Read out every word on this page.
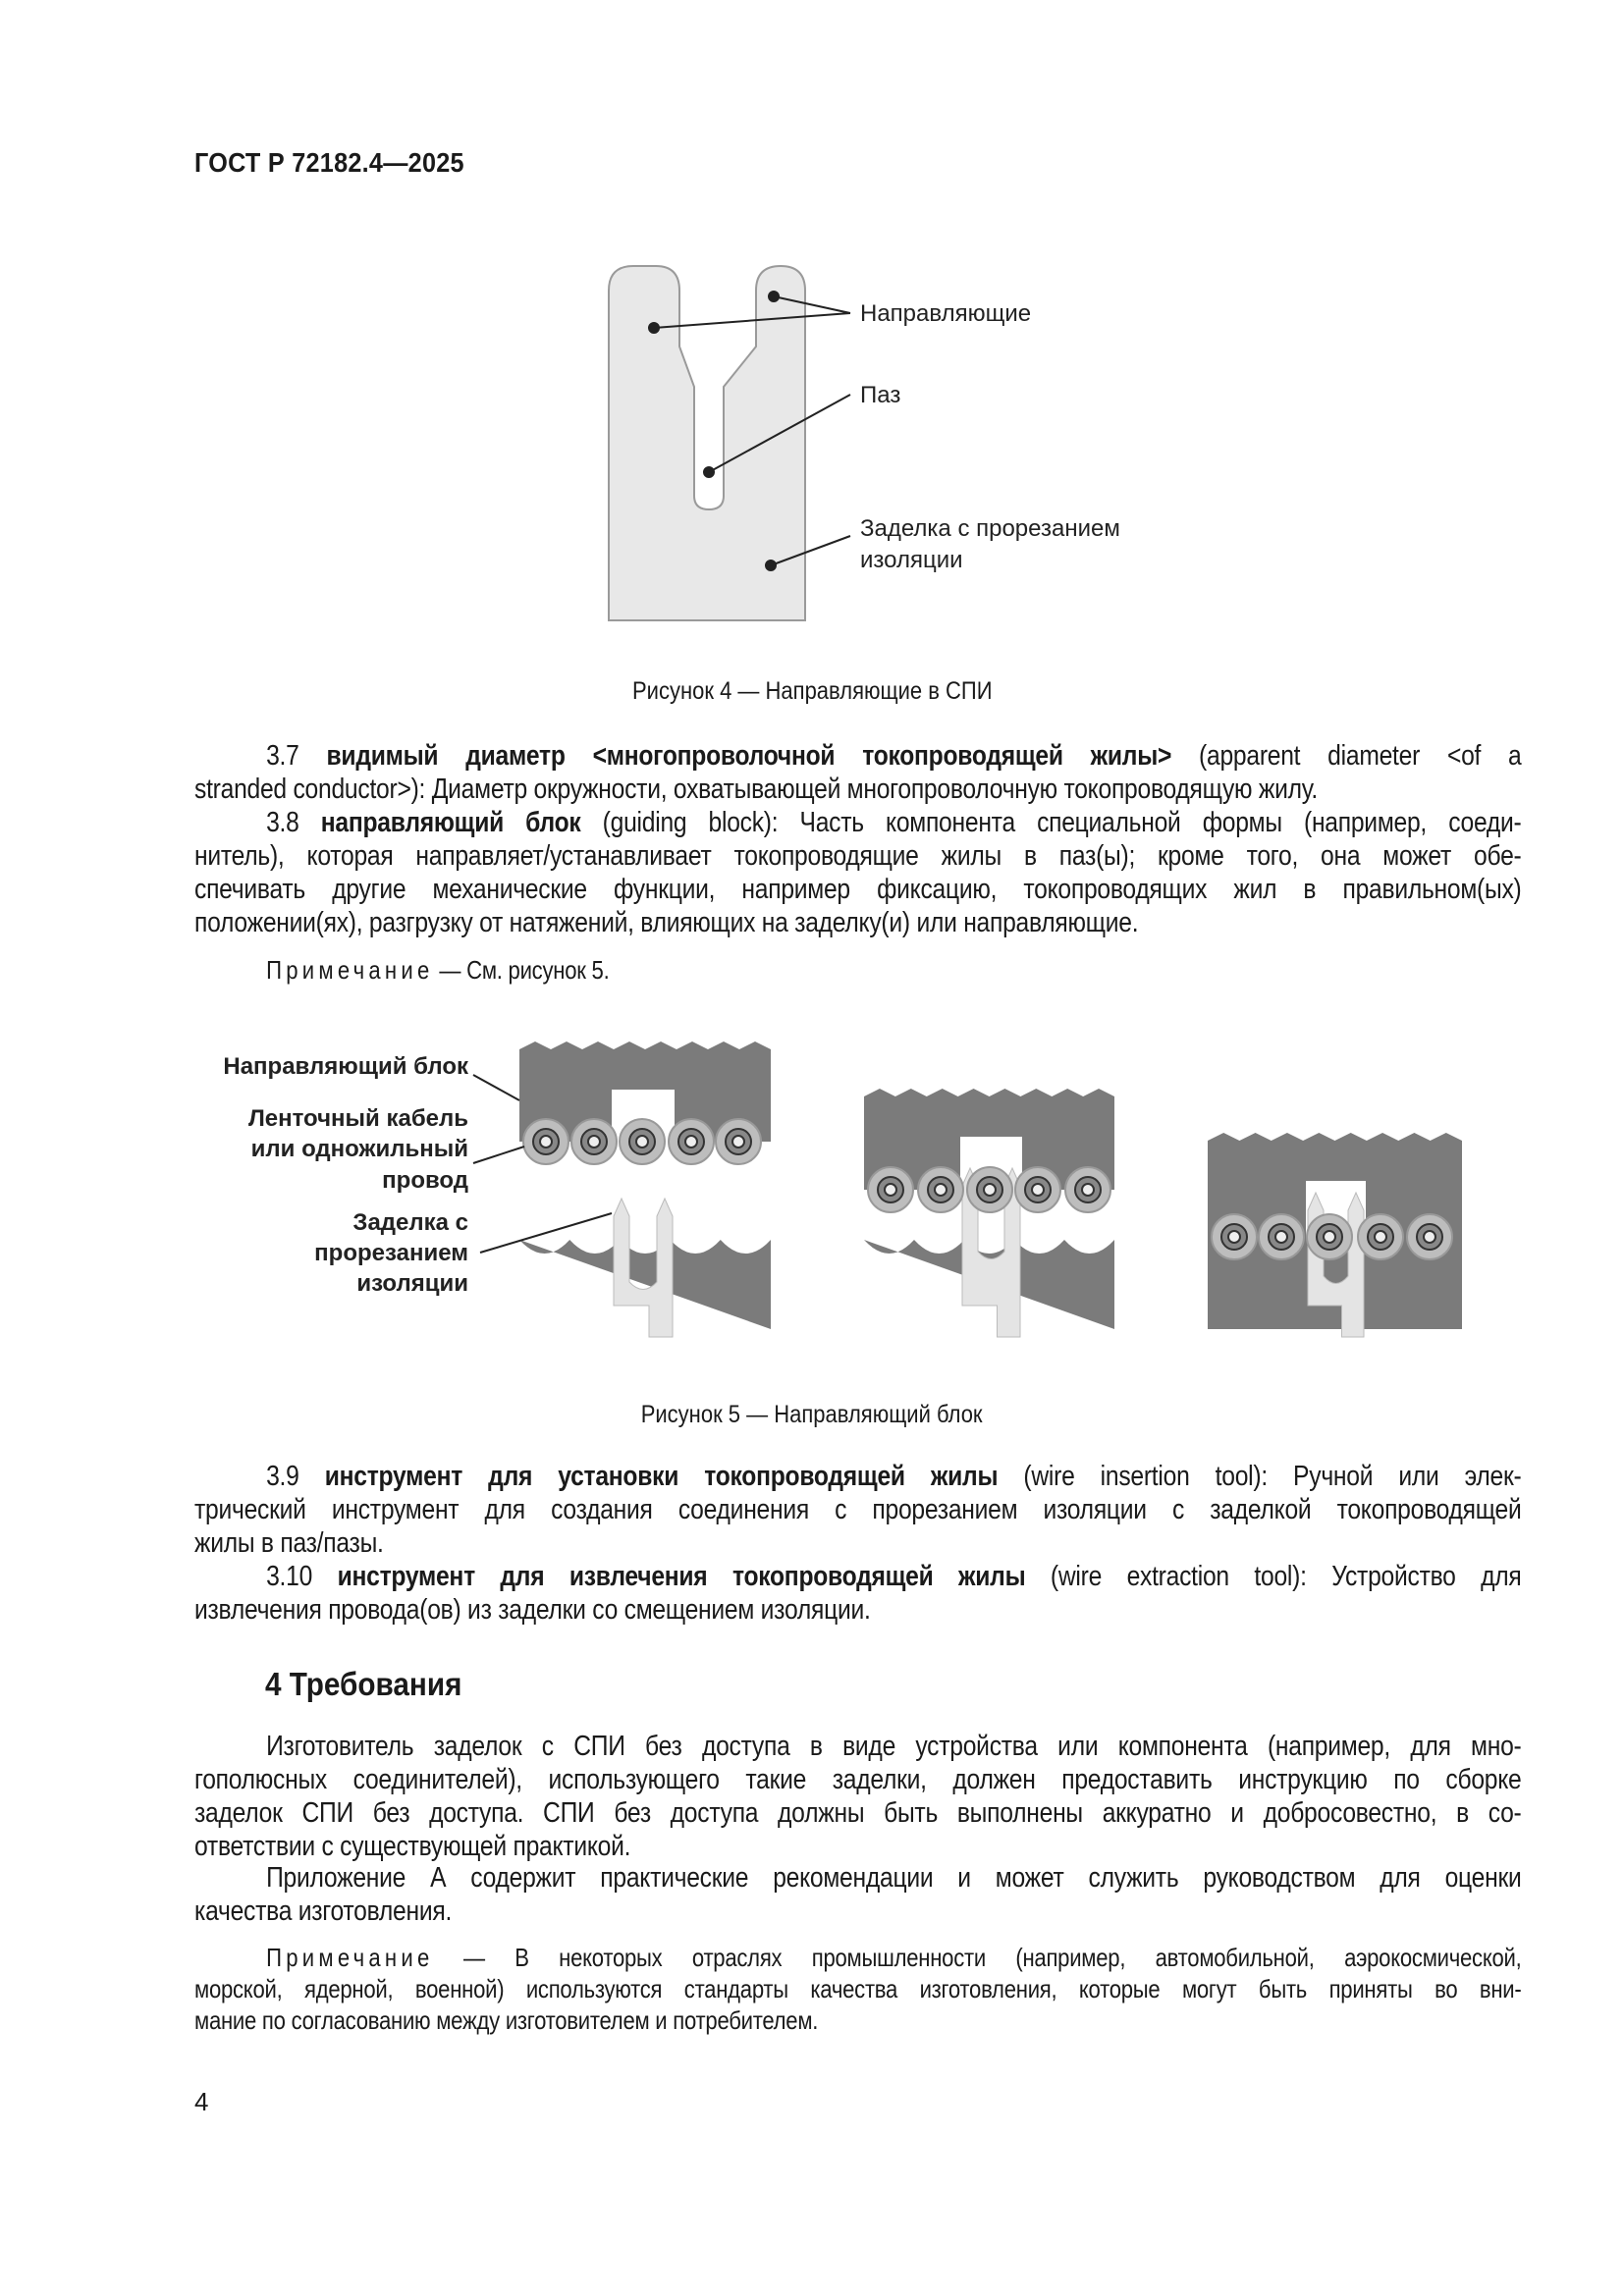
ГОСТ Р 72182.4—2025
Направляющие
Паз
Заделка с прорезанием
изоляции
Рисунок 4 — Направляющие в СПИ
Направляющий блок
Ленточный кабель
или одножильный
провод
Заделка с
прорезанием
изоляции
Рисунок 5 — Направляющий блок
3.7 видимый диаметр <многопроволочной токопроводящей жилы> (apparent diameter <of a
stranded conductor>): Диаметр окружности, охватывающей многопроволочную токопроводящую жилу.
3.8 направляющий блок (guiding block): Часть компонента специальной формы (например, соеди-
нитель), которая направляет/устанавливает токопроводящие жилы в паз(ы); кроме того, она может обе-
спечивать другие механические функции, например фиксацию, токопроводящих жил в правильном(ых)
положении(ях), разгрузку от натяжений, влияющих на заделку(и) или направляющие.
Примечание — См. рисунок 5.
3.9 инструмент для установки токопроводящей жилы (wire insertion tool): Ручной или элек-
трический инструмент для создания соединения с прорезанием изоляции с заделкой токопроводящей
жилы в паз/пазы.
3.10 инструмент для извлечения токопроводящей жилы (wire extraction tool): Устройство для
извлечения провода(ов) из заделки со смещением изоляции.
4 Требования
Изготовитель заделок с СПИ без доступа в виде устройства или компонента (например, для мно-
гополюсных соединителей), использующего такие заделки, должен предоставить инструкцию по сборке
заделок СПИ без доступа. СПИ без доступа должны быть выполнены аккуратно и добросовестно, в со-
ответствии с существующей практикой.
Приложение А содержит практические рекомендации и может служить руководством для оценки
качества изготовления.
Примечание — В некоторых отраслях промышленности (например, автомобильной, аэрокосмической,
морской, ядерной, военной) используются стандарты качества изготовления, которые могут быть приняты во вни-
мание по согласованию между изготовителем и потребителем.
4
